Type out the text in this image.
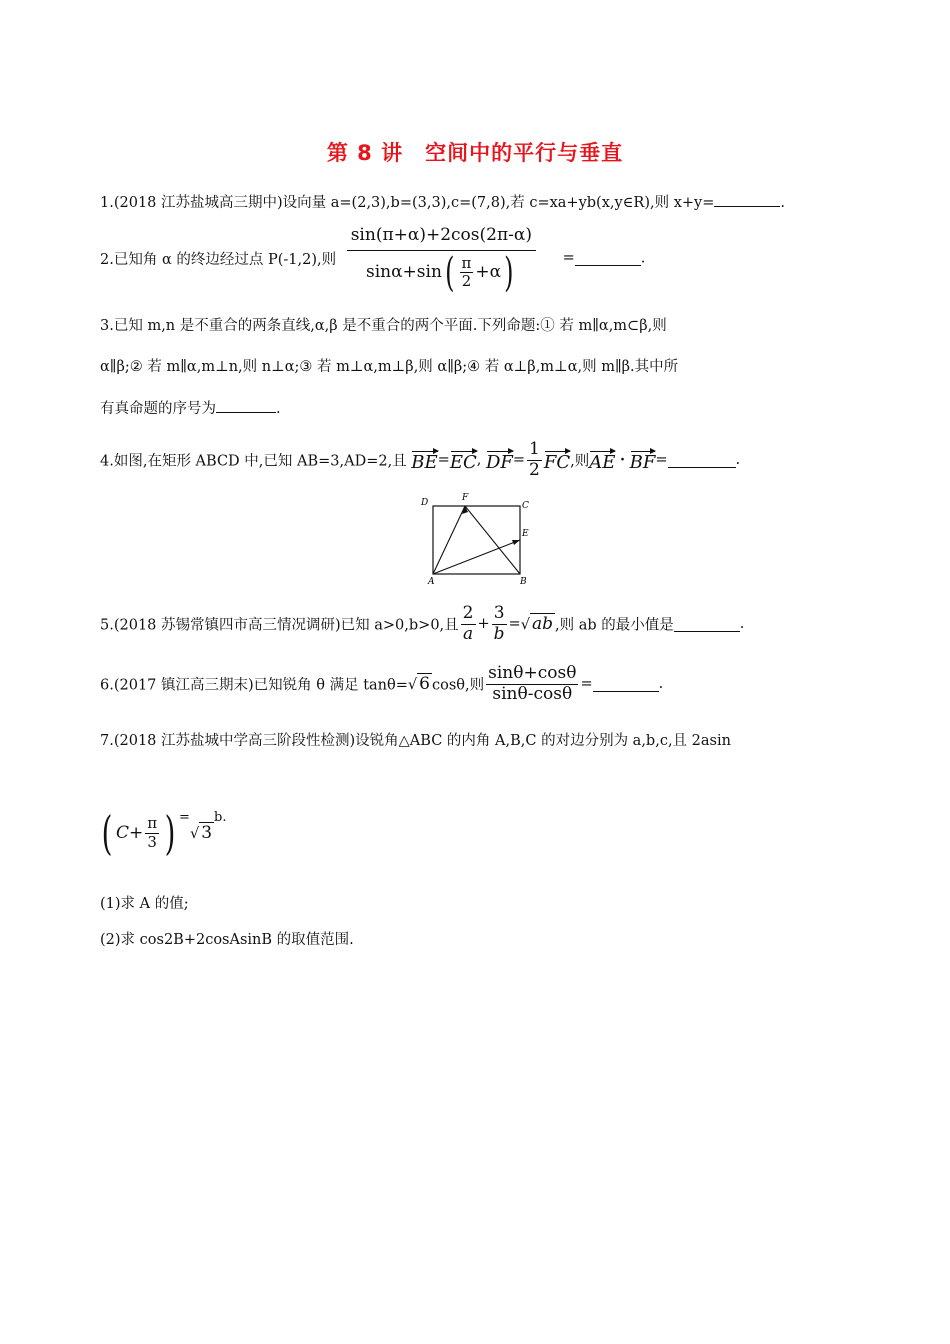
第 8 讲　空间中的平行与垂直
1.(2018 江苏盐城高三期中)设向量 a=(2,3),b=(3,3),c=(7,8),若 c=xa+yb(x,y∈R),则 x+y=	.
2.已知角 α 的终边经过点 P(-1,2),则
sin(π+α)+2cos(2π-α)
sinα+sin ( $\frac{\pi}{2} +\alpha$ )	=	.
3.已知 m,n 是不重合的两条直线,α,β 是不重合的两个平面.下列命题:① 若 m∥α,m⊂β,则
α∥β;② 若 m∥α,m⊥n,则 n⊥α;③ 若 m⊥α,m⊥β,则 α∥β;④ 若 α⊥β,m⊥α,则 m∥β.其中所
有真命题的序号为	.
4.如图,在矩形 ABCD 中,已知 AB=3,AD=2,且 BE=EC, $DF= \frac{1}{2}$ FC,则AE · BF=	.
D	F
C
E
A	B
5.(2018 苏锡常镇四市高三情况调研)已知 a>0,b>0,且 $\frac{2}{a} + \frac{3}{b}$ =√ ab ,则 ab 的最小值是	.
6.(2017 镇江高三期末)已知锐角 θ 满足 tanθ=√ 6 cosθ,则 $\frac{\sin\theta+\cos\theta}{\sin\theta-\cos\theta}$ =	.
7.(2018 江苏盐城中学高三阶段性检测)设锐角△ABC 的内角 A,B,C 的对边分别为 a,b,c,且 2asin
( $C+ \frac{\pi}{3}$ ) =√ 3b.
(1)求 A 的值;
(2)求 cos2B+2cosAsinB 的取值范围.
